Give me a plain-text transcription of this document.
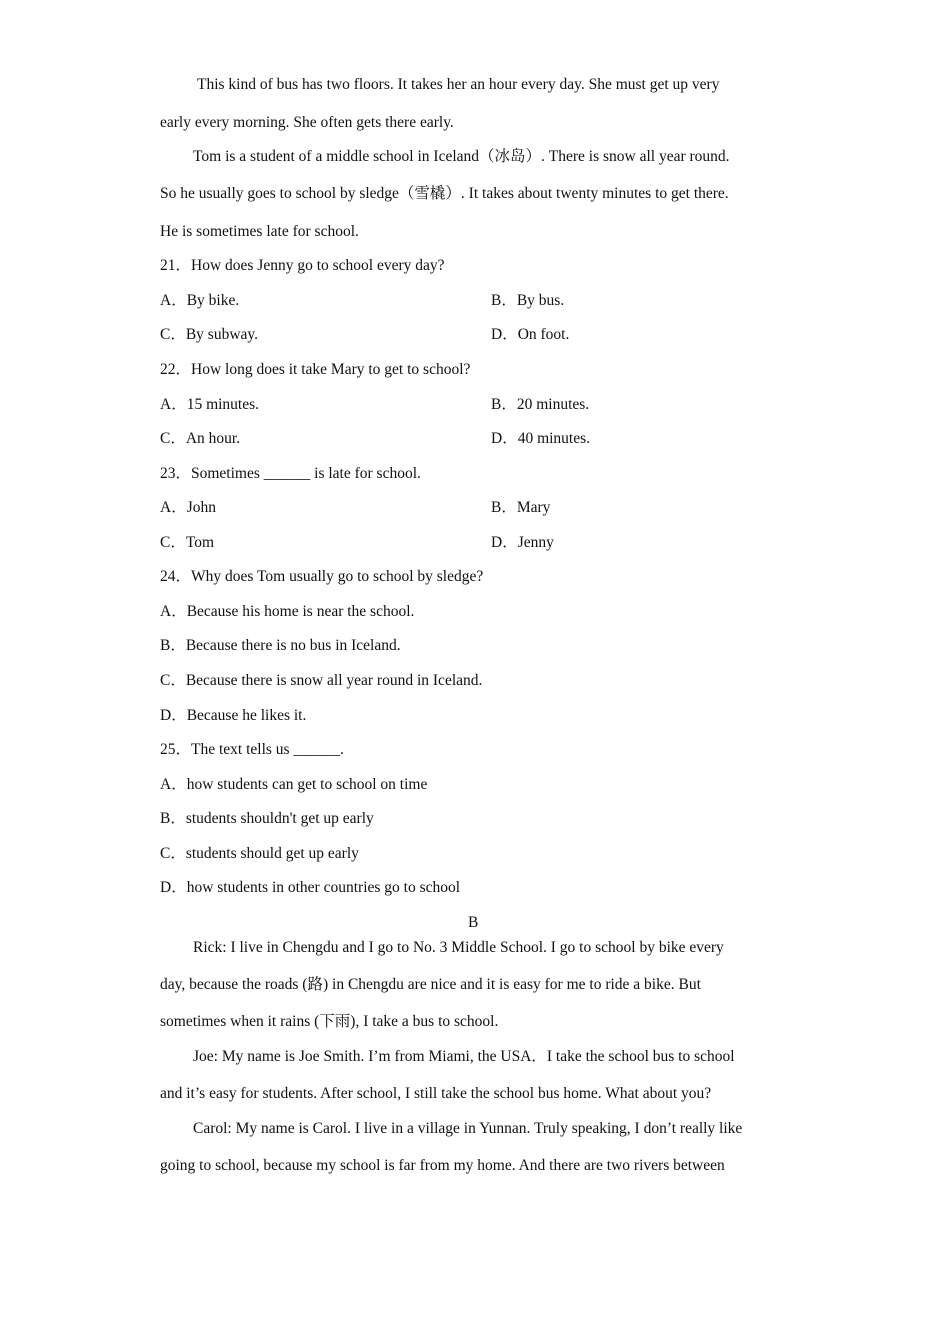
This kind of bus has two floors. It takes her an hour every day. She must get up very
early every morning. She often gets there early.
Tom is a student of a middle school in Iceland（冰岛）. There is snow all year round.
So he usually goes to school by sledge（雪橇）. It takes about twenty minutes to get there.
He is sometimes late for school.
21．How does Jenny go to school every day?
A．By bike.	B．By bus.
C．By subway.	D．On foot.
22．How long does it take Mary to get to school?
A．15 minutes.	B．20 minutes.
C．An hour.	D．40 minutes.
23．Sometimes ______ is late for school.
A．John	B．Mary
C．Tom	D．Jenny
24．Why does Tom usually go to school by sledge?
A．Because his home is near the school.
B．Because there is no bus in Iceland.
C．Because there is snow all year round in Iceland.
D．Because he likes it.
25．The text tells us ______.
A．how students can get to school on time
B．students shouldn't get up early
C．students should get up early
D．how students in other countries go to school
B
Rick: I live in Chengdu and I go to No. 3 Middle School. I go to school by bike every
day, because the roads (路) in Chengdu are nice and it is easy for me to ride a bike. But
sometimes when it rains (下雨), I take a bus to school.
Joe: My name is Joe Smith. I’m from Miami, the USA．I take the school bus to school
and it’s easy for students. After school, I still take the school bus home. What about you?
Carol: My name is Carol. I live in a village in Yunnan. Truly speaking, I don’t really like
going to school, because my school is far from my home. And there are two rivers between
